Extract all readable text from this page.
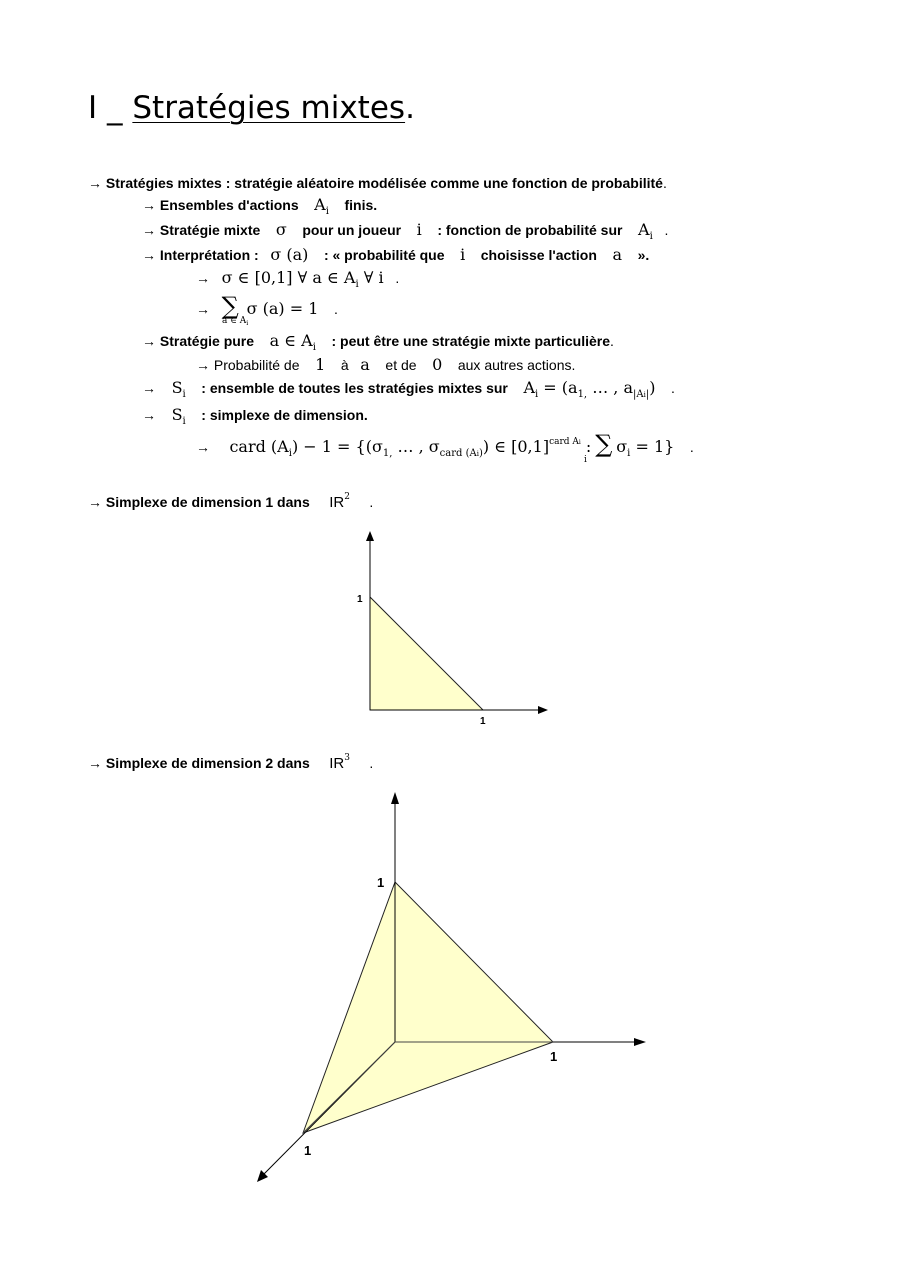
I _ Stratégies mixtes.
→ Stratégies mixtes : stratégie aléatoire modélisée comme une fonction de probabilité.
→ Ensembles d'actions $A_i$ finis.
→ Stratégie mixte σ pour un joueur i : fonction de probabilité sur $A_i$ .
→ Interprétation : σ (a) : « probabilité que i choisisse l'action a ».
→ σ ∈ [0,1] ∀ a ∈ $A_i$ ∀ i .
→ ∑ σ (a) = 1 .
a ∈ $A_i$
→ Stratégie pure a ∈ $A_i$ : peut être une stratégie mixte particulière.
→ Probabilité de 1 à a et de 0 aux autres actions.
→ $S_i$ : ensemble de toutes les stratégies mixtes sur $A_i = (a_{1,}$ … , $a_{|Ai|}$) .
→ $S_i$ : simplexe de dimension.
→ card $(A_i) - 1 = \{(\sigma_{1,}$ … , $\sigma_{card (Ai)}$) ∈ $[0,1]^{card Ai}$ : ∑ $\sigma_i = 1$} .
i
→ Simplexe de dimension 1 dans $IR^2$ .
1
1
→ Simplexe de dimension 2 dans $IR^3$ .
1
1
1
